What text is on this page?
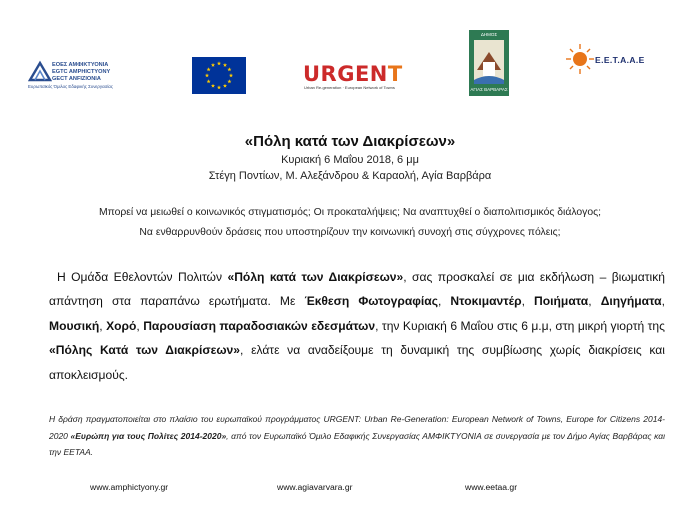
ΕΟΕΣ ΑΜΦΙΚΤΥΟΝΙΑ
EGTC AMPHICTYONY
GECT ANFIZIONIA
Ευρωπαϊκός Όμιλος Εδαφικής Συνεργασίας
URGENT
Urban Re-generation · European Network of Towns
ΔΗΜΟΣ
ΑΓΙΑΣ ΒΑΡΒΑΡΑΣ
Ε.Ε.Τ.Α.Α.Ε
«Πόλη κατά των Διακρίσεων»
Κυριακή 6 Μαΐου 2018, 6 μμ
Στέγη Ποντίων, Μ. Αλεξάνδρου & Καραολή, Αγία Βαρβάρα
Μπορεί να μειωθεί ο κοινωνικός στιγματισμός; Οι προκαταλήψεις; Να αναπτυχθεί ο διαπολιτισμικός διάλογος;
Να ενθαρρυνθούν δράσεις που υποστηρίζουν την κοινωνική συνοχή στις σύγχρονες πόλεις;
Η Ομάδα Εθελοντών Πολιτών «Πόλη κατά των Διακρίσεων», σας προσκαλεί σε μια εκδήλωση – βιωματική απάντηση στα παραπάνω ερωτήματα. Με Έκθεση Φωτογραφίας, Ντοκιμαντέρ, Ποιήματα, Διηγήματα, Μουσική, Χορό, Παρουσίαση παραδοσιακών εδεσμάτων, την Κυριακή 6 Μαΐου στις 6 μ.μ, στη μικρή γιορτή της «Πόλης Κατά των Διακρίσεων», ελάτε να αναδείξουμε τη δυναμική της συμβίωσης χωρίς διακρίσεις και αποκλεισμούς.
Η δράση πραγματοποιείται στο πλαίσιο του ευρωπαϊκού προγράμματος URGENT: Urban Re-Generation: European Network of Towns, Europe for Citizens 2014-2020 «Ευρώπη για τους Πολίτες 2014-2020», από τον Ευρωπαϊκό Όμιλο Εδαφικής Συνεργασίας ΑΜΦΙΚΤΥΟΝΙΑ σε συνεργασία με τον Δήμο Αγίας Βαρβάρας και την ΕΕΤΑΑ.
www.amphictyony.gr	www.agiavarvara.gr	www.eetaa.gr
